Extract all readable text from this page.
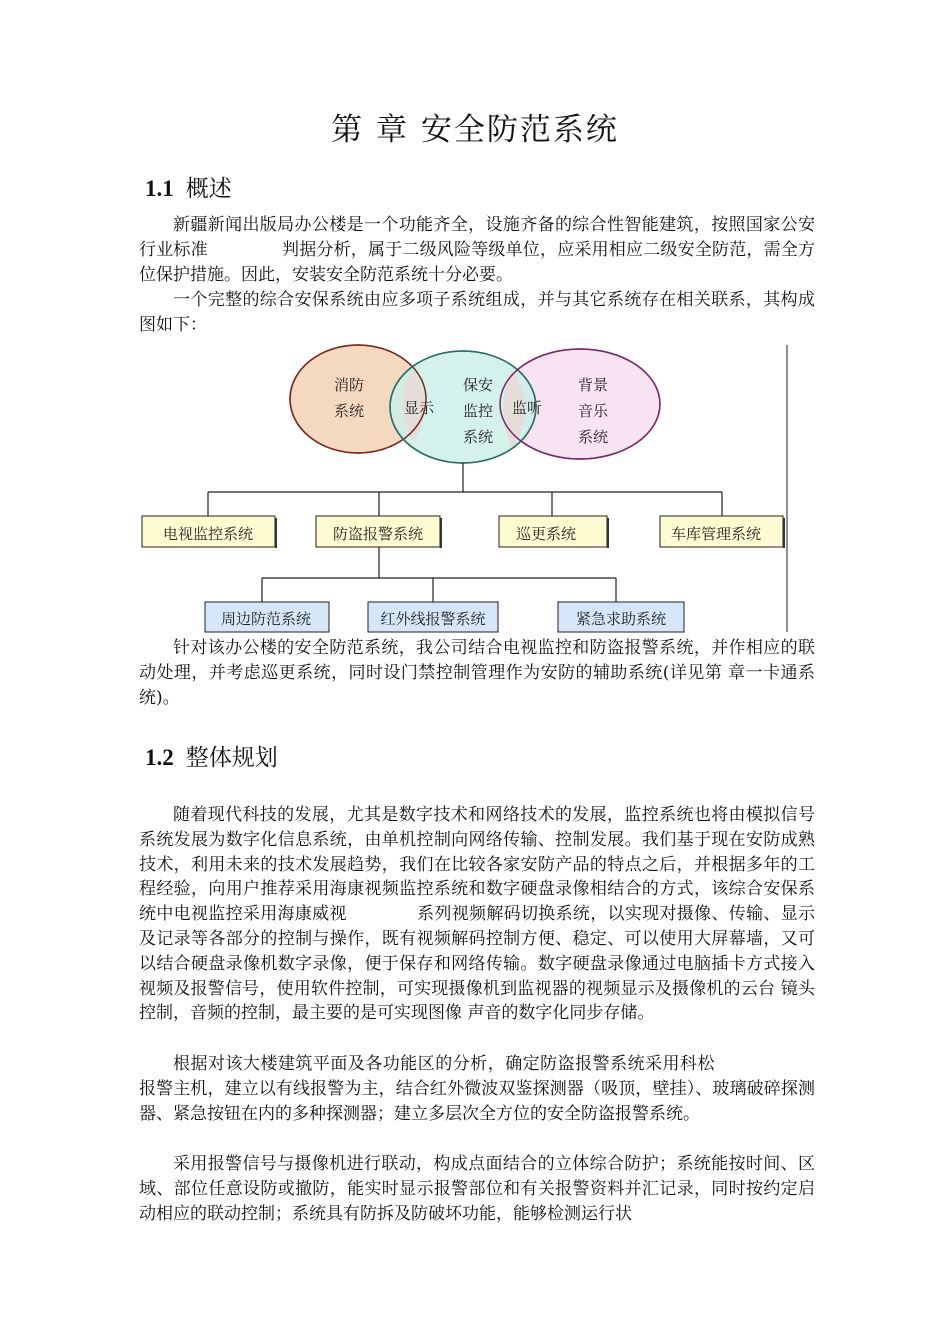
第 章 安全防范系统
1.1 概述

新疆新闻出版局办公楼是一个功能齐全，设施齐备的综合性智能建筑，按照国家公安行业标准	判据分析，属于二级风险等级单位，应采用相应二级安全防范，需全方位保护措施。因此，安装安全防范系统十分必要。

一个完整的综合安保系统由应多项子系统组成，并与其它系统存在相关联系，其构成图如下：

消防
系统	显示
保安
监控
系统
监听
背景
音乐
系统
电视监控系统	防盗报警系统	巡更系统	车库管理系统
周边防范系统	红外线报警系统	紧急求助系统

针对该办公楼的安全防范系统，我公司结合电视监控和防盗报警系统，并作相应的联动处理，并考虑巡更系统，同时设门禁控制管理作为安防的辅助系统(详见第 章一卡通系统)。

1.2 整体规划

随着现代科技的发展，尤其是数字技术和网络技术的发展，监控系统也将由模拟信号系统发展为数字化信息系统，由单机控制向网络传输、控制发展。我们基于现在安防成熟技术，利用未来的技术发展趋势，我们在比较各家安防产品的特点之后，并根据多年的工程经验，向用户推荐采用海康视频监控系统和数字硬盘录像相结合的方式，该综合安保系统中电视监控采用海康威视	系列视频解码切换系统，以实现对摄像、传输、显示及记录等各部分的控制与操作，既有视频解码控制方便、稳定、可以使用大屏幕墙，又可以结合硬盘录像机数字录像，便于保存和网络传输。数字硬盘录像通过电脑插卡方式接入视频及报警信号，使用软件控制，可实现摄像机到监视器的视频显示及摄像机的云台 镜头控制，音频的控制，最主要的是可实现图像 声音的数字化同步存储。

根据对该大楼建筑平面及各功能区的分析，确定防盗报警系统采用科松报警主机，建立以有线报警为主，结合红外微波双鉴探测器（吸顶，壁挂）、玻璃破碎探测器、紧急按钮在内的多种探测器；建立多层次全方位的安全防盗报警系统。

采用报警信号与摄像机进行联动，构成点面结合的立体综合防护；系统能按时间、区域、部位任意设防或撤防，能实时显示报警部位和有关报警资料并汇记录，同时按约定启动相应的联动控制；系统具有防拆及防破坏功能，能够检测运行状
